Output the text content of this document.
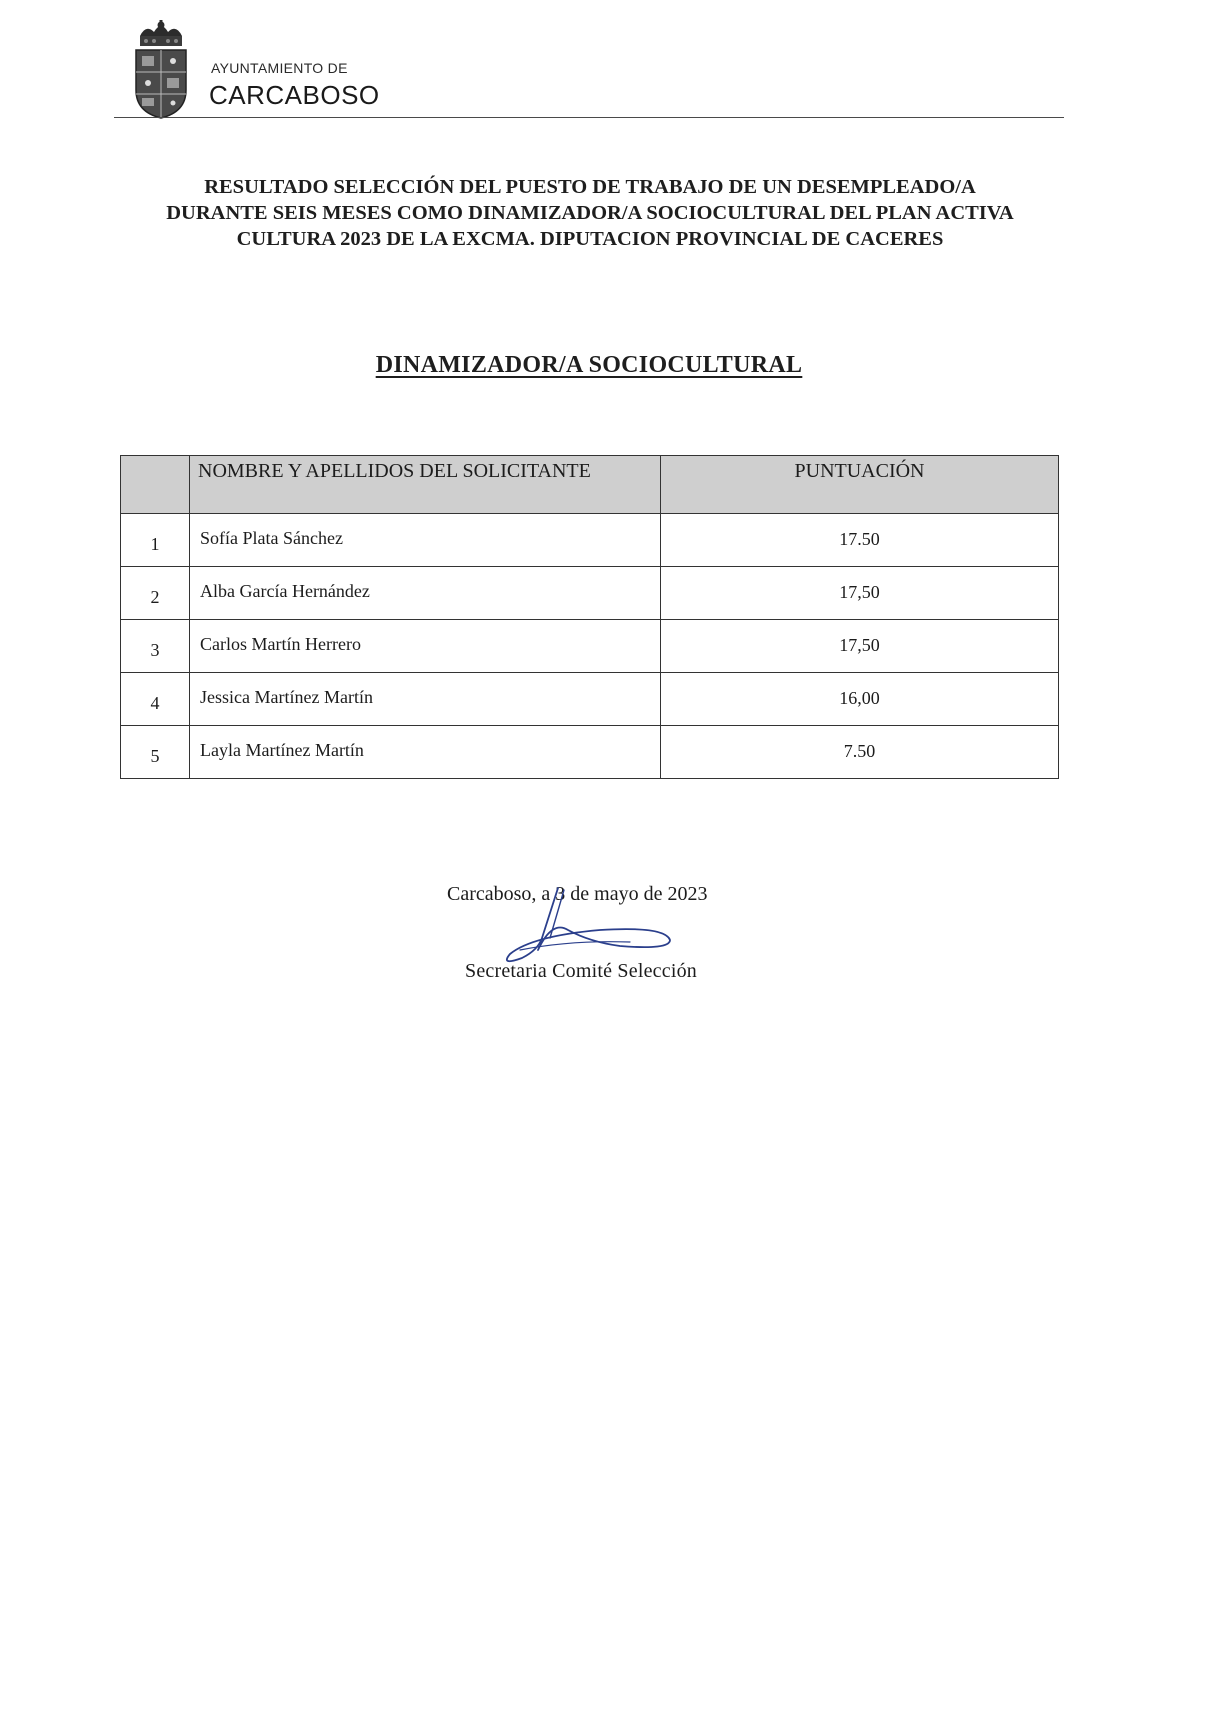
AYUNTAMIENTO DE
CARCABOSO
RESULTADO SELECCIÓN DEL PUESTO DE TRABAJO DE UN DESEMPLEADO/A
DURANTE SEIS MESES COMO DINAMIZADOR/A SOCIOCULTURAL DEL PLAN ACTIVA
CULTURA 2023 DE LA EXCMA. DIPUTACION PROVINCIAL DE CACERES
DINAMIZADOR/A SOCIOCULTURAL
	NOMBRE Y APELLIDOS DEL SOLICITANTE	PUNTUACIÓN
1	Sofía Plata Sánchez	17.50
2	Alba García Hernández	17,50
3	Carlos Martín Herrero	17,50
4	Jessica Martínez Martín	16,00
5	Layla Martínez Martín	7.50
Carcaboso, a 3 de mayo de 2023
Secretaria Comité Selección
